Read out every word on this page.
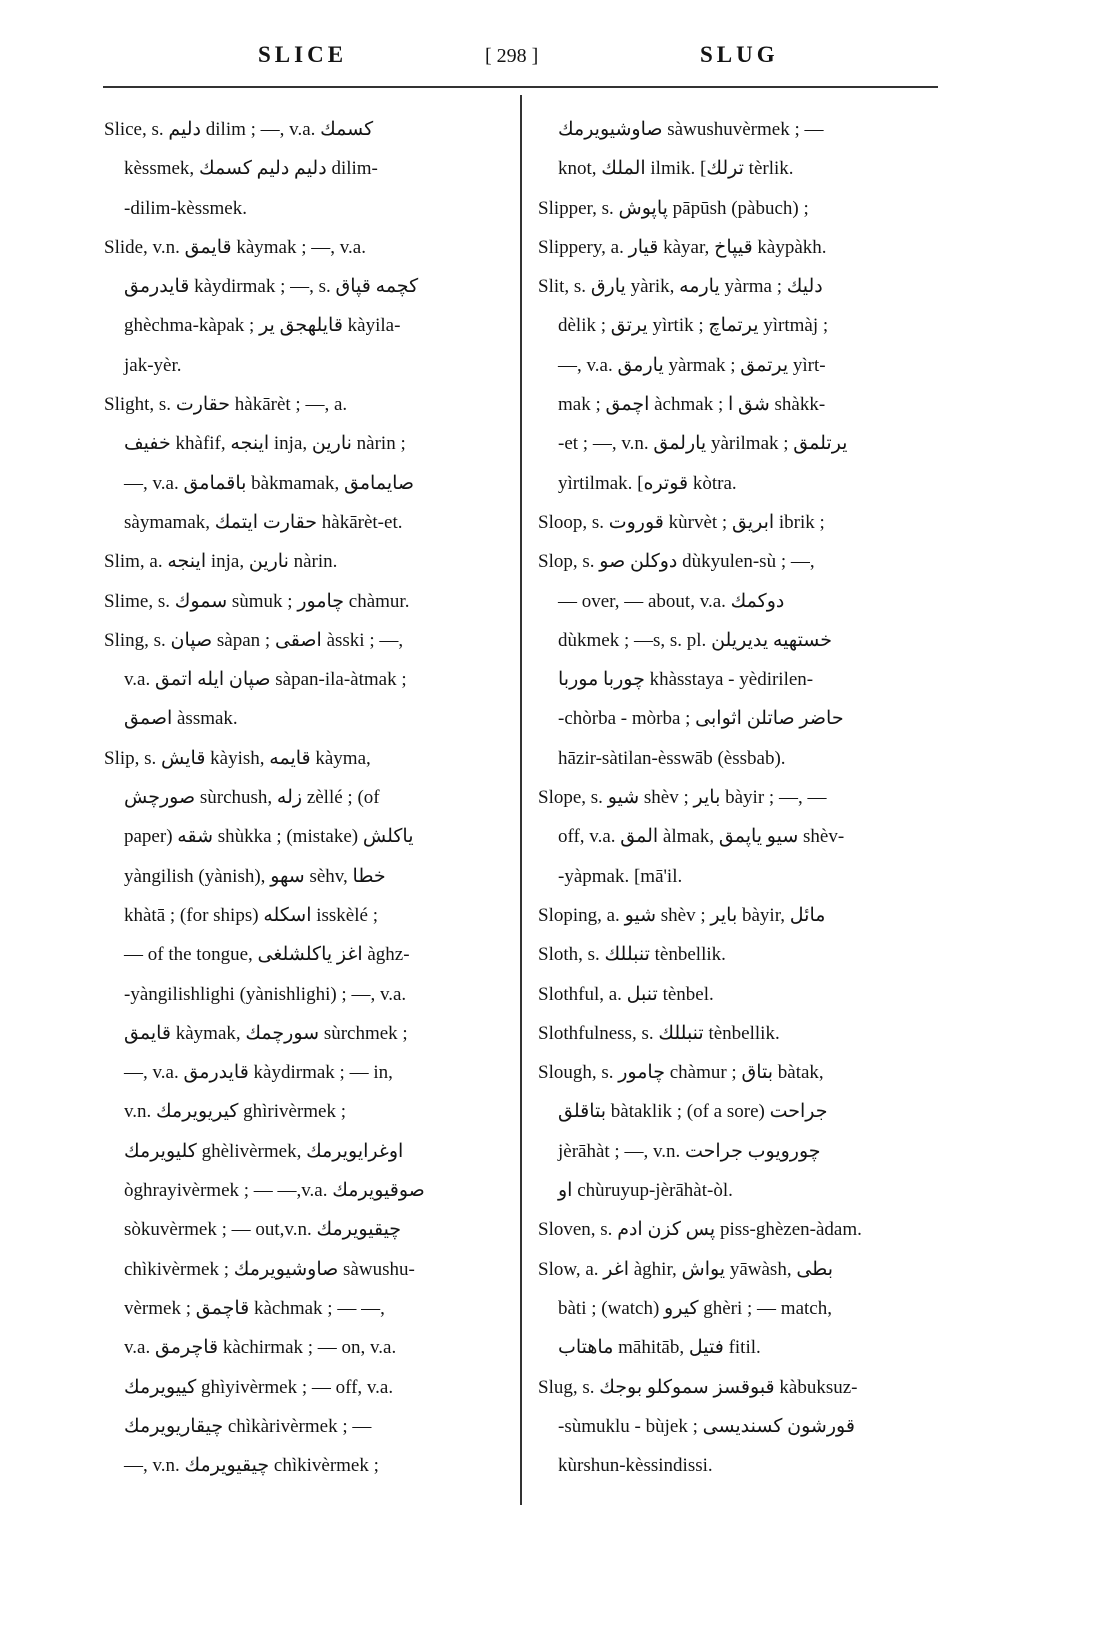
SLICE	[ 298 ]	SLUG
Slice, s. دلیم dilim ; —, v.a. کسمك
kèssmek, دلیم دلیم کسمك dilim-
-dilim-kèssmek.
Slide, v.n. قایمق kàymak ; —, v.a.
قایدرمق kàydirmak ; —, s. کچمه قپاق
ghèchma-kàpak ; قایلهجق یر kàyila-
jak-yèr.
Slight, s. حقارت hàkārèt ; —, a.
خفیف khàfif, اینجه inja, نارین nàrin ;
—, v.a. باقمامق bàkmamak, صایمامق
sàymamak, حقارت ایتمك hàkārèt-et.
Slim, a. اینجه inja, نارین nàrin.
Slime, s. سموك sùmuk ; چامور chàmur.
Sling, s. صپان sàpan ; اصقی àsski ; —,
v.a. صپان ایله اتمق sàpan-ila-àtmak ;
اصمق àssmak.
Slip, s. قایش kàyish, قایمه kàyma,
صورچش sùrchush, زله zèllé ; (of
paper) شقه shùkka ; (mistake) یاکلش
yàngilish (yànish), سهو sèhv, خطا
khàtā ; (for ships) اسکله isskèlé ;
— of the tongue, اغز یاکلشلغی àghz-
-yàngilishlighi (yànishlighi) ; —, v.a.
قایمق kàymak, سورچمك sùrchmek ;
—, v.a. قایدرمق kàydirmak ; — in,
v.n. کیریویرمك ghìrivèrmek ;
کلیویرمك ghèlivèrmek, اوغرایویرمك
òghrayivèrmek ; — —,v.a. صوقیویرمك
sòkuvèrmek ; — out,v.n. چیقیویرمك
chìkivèrmek ; صاوشیویرمك sàwushu-
vèrmek ; قاچمق kàchmak ; — —,
v.a. قاچرمق kàchirmak ; — on, v.a.
کییویرمك ghìyivèrmek ; — off, v.a.
چیقاریویرمك chìkàrivèrmek ; —
—, v.n. چیقیویرمك chìkivèrmek ;
صاوشیویرمك sàwushuvèrmek ; —
knot, الملك ilmik. [ترلك tèrlik.
Slipper, s. پاپوش pāpūsh (pàbuch) ;
Slippery, a. قیار kàyar, قیپاخ kàypàkh.
Slit, s. یارق yàrik, یارمه yàrma ; دلیك
dèlik ; یرتق yìrtik ; یرتماچ yìrtmàj ;
—, v.a. یارمق yàrmak ; یرتمق yìrt-
mak ; اچمق àchmak ; شق ا shàkk-
-et ; —, v.n. یارلمق yàrilmak ; یرتلمق
yìrtilmak. [قوتره kòtra.
Sloop, s. قوروت kùrvèt ; ابریق ibrik ;
Slop, s. دوکلن صو dùkyulen-sù ; —,
— over, — about, v.a. دوکمك
dùkmek ; —s, s. pl. خستهیه یدیریلن
چوربا موربا khàsstaya - yèdirilen-
-chòrba - mòrba ; حاضر صاتلن اثوابی
hāzir-sàtilan-èsswāb (èssbab).
Slope, s. شیو shèv ; بایر bàyir ; —, —
off, v.a. المق àlmak, سیو یاپمق shèv-
-yàpmak. [mā'il.
Sloping, a. شیو shèv ; بایر bàyir, مائل
Sloth, s. تنبللك tènbellik.
Slothful, a. تنبل tènbel.
Slothfulness, s. تنبللك tènbellik.
Slough, s. چامور chàmur ; بتاق bàtak,
بتاقلق bàtaklik ; (of a sore) جراحت
jèrāhàt ; —, v.n. چورویوب جراحت
او chùruyup-jèrāhàt-òl.
Sloven, s. پس کزن ادم piss-ghèzen-àdam.
Slow, a. اغر àghir, یواش yāwàsh, بطی
bàti ; (watch) کیرو ghèri ; — match,
ماهتاب māhitāb, فتیل fitil.
Slug, s. قبوقسز سموکلو بوجك kàbuksuz-
-sùmuklu - bùjek ; قورشون کسندیسی
kùrshun-kèssindissi.
